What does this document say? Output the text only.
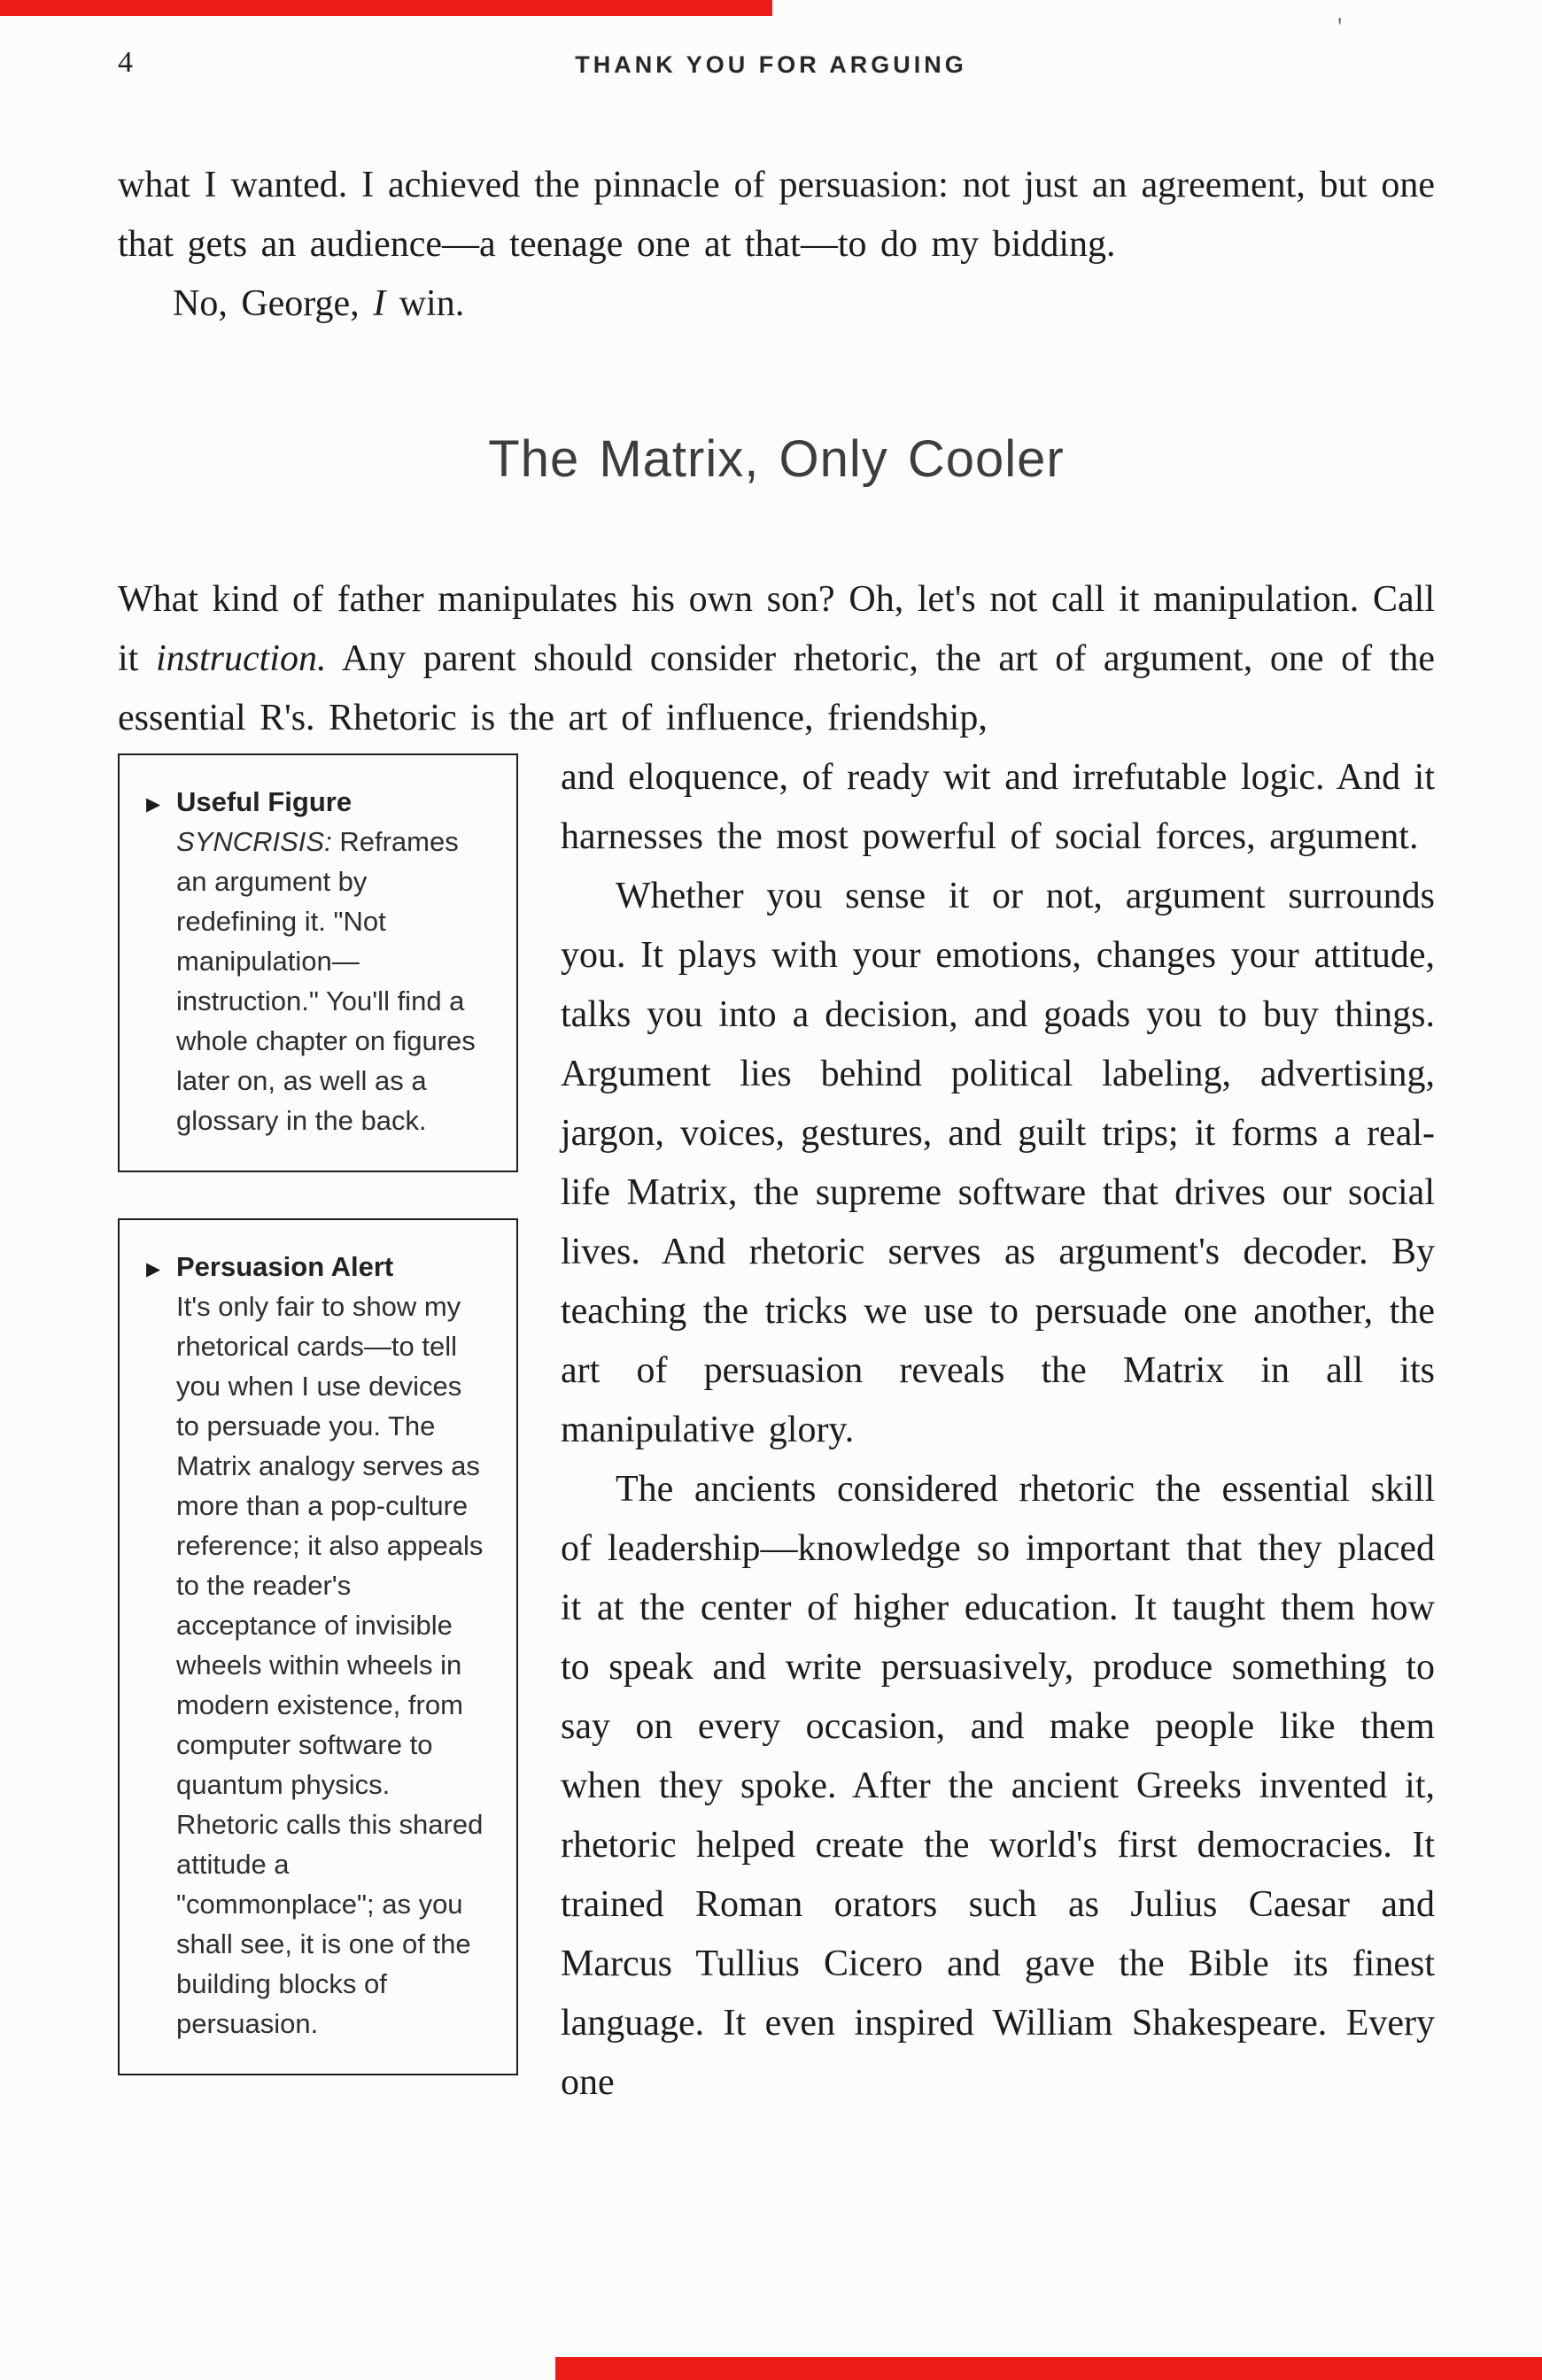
'
4	THANK YOU FOR ARGUING

what I wanted. I achieved the pinnacle of persuasion: not just an agreement, but one that gets an audience—a teenage one at that—to do my bidding.

No, George, I win.

The Matrix, Only Cooler

What kind of father manipulates his own son? Oh, let's not call it manipulation. Call it instruction. Any parent should consider rhetoric, the art of argument, one of the essential R's. Rhetoric is the art of influence, friendship,

▶ Useful Figure
SYNCRISIS: Reframes an argument by redefining it. "Not manipulation—instruction." You'll find a whole chapter on figures later on, as well as a glossary in the back.
▶ Persuasion Alert
It's only fair to show my rhetorical cards—to tell you when I use devices to persuade you. The Matrix analogy serves as more than a pop-culture reference; it also appeals to the reader's acceptance of invisible wheels within wheels in modern existence, from computer software to quantum physics. Rhetoric calls this shared attitude a "commonplace"; as you shall see, it is one of the building blocks of persuasion.

and eloquence, of ready wit and irrefutable logic. And it harnesses the most powerful of social forces, argument.

Whether you sense it or not, argument surrounds you. It plays with your emotions, changes your attitude, talks you into a decision, and goads you to buy things. Argument lies behind political labeling, advertising, jargon, voices, gestures, and guilt trips; it forms a real-life Matrix, the supreme software that drives our social lives. And rhetoric serves as argument's decoder. By teaching the tricks we use to persuade one another, the art of persuasion reveals the Matrix in all its manipulative glory.

The ancients considered rhetoric the essential skill of leadership—knowledge so important that they placed it at the center of higher education. It taught them how to speak and write persuasively, produce something to say on every occasion, and make people like them when they spoke. After the ancient Greeks invented it, rhetoric helped create the world's first democracies. It trained Roman orators such as Julius Caesar and Marcus Tullius Cicero and gave the Bible its finest language. It even inspired William Shakespeare. Every one
